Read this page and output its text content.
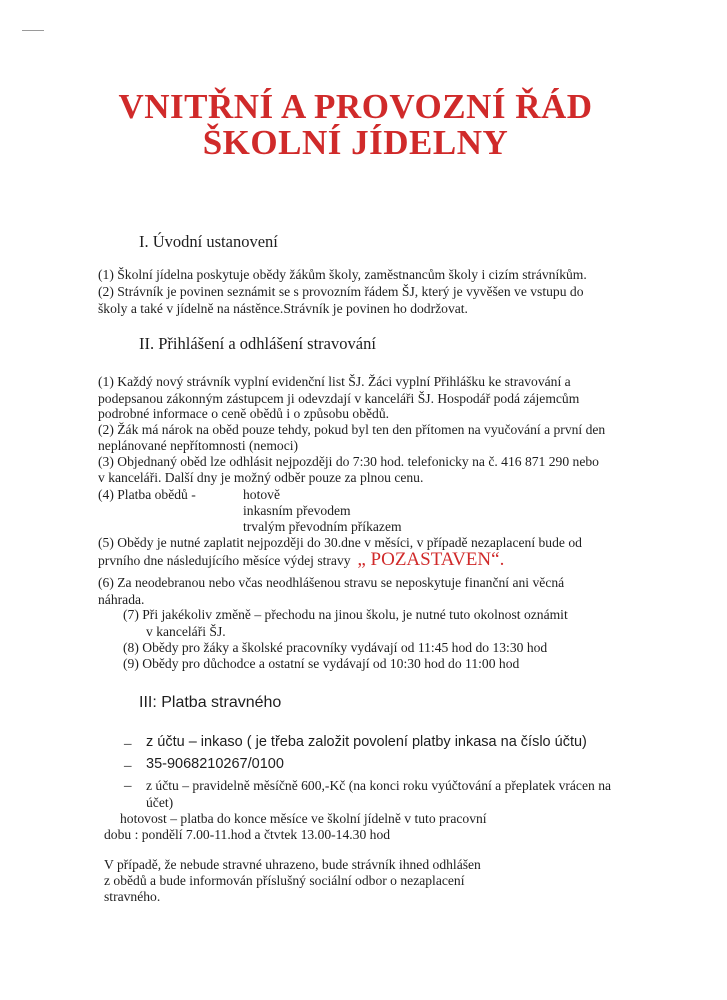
VNITŘNÍ A PROVOZNÍ ŘÁD
ŠKOLNÍ JÍDELNY
I. Úvodní ustanovení
(1) Školní jídelna poskytuje obědy žákům školy, zaměstnancům školy i cizím strávníkům.
(2) Strávník je povinen seznámit se s provozním řádem ŠJ, který je vyvěšen ve vstupu do
školy a také v jídelně na nástěnce.Strávník je povinen ho dodržovat.
II. Přihlášení a odhlášení stravování
(1) Každý nový strávník vyplní evidenční list ŠJ. Žáci vyplní Přihlášku ke stravování a
podepsanou zákonným zástupcem ji odevzdají v kanceláři ŠJ. Hospodář podá zájemcům
podrobné informace o ceně obědů i o způsobu obědů.
(2) Žák má nárok na oběd pouze tehdy, pokud byl ten den přítomen na vyučování a první den
neplánované nepřítomnosti (nemoci)
(3) Objednaný oběd lze odhlásit nejpozději do 7:30 hod. telefonicky na č. 416 871 290 nebo
v kanceláři. Další dny je možný odběr pouze za plnou cenu.
(4) Platba obědů -	hotově
inkasním převodem
trvalým převodním příkazem
(5) Obědy je nutné zaplatit nejpozději do 30.dne v měsíci, v případě nezaplacení bude od
prvního dne následujícího měsíce výdej stravy „ POZASTAVEN“.
(6) Za neodebranou nebo včas neodhlášenou stravu se neposkytuje finanční ani věcná
náhrada.
(7) Při jakékoliv změně – přechodu na jinou školu, je nutné tuto okolnost oznámit
v kanceláři ŠJ.
(8) Obědy pro žáky a školské pracovníky vydávají od 11:45 hod do 13:30 hod
(9) Obědy pro důchodce a ostatní se vydávají od 10:30 hod do 11:00 hod
III: Platba stravného
– z účtu – inkaso ( je třeba založit povolení platby inkasa na číslo účtu)
– 35-9068210267/0100
– z účtu – pravidelně měsíčně 600,-Kč (na konci roku vyúčtování a přeplatek vrácen na
účet)
hotovost – platba do konce měsíce ve školní jídelně v tuto pracovní
dobu : pondělí 7.00-11.hod a čtvtek 13.00-14.30 hod
V případě, že nebude stravné uhrazeno, bude strávník ihned odhlášen
z obědů a bude informován příslušný sociální odbor o nezaplacení
stravného.
